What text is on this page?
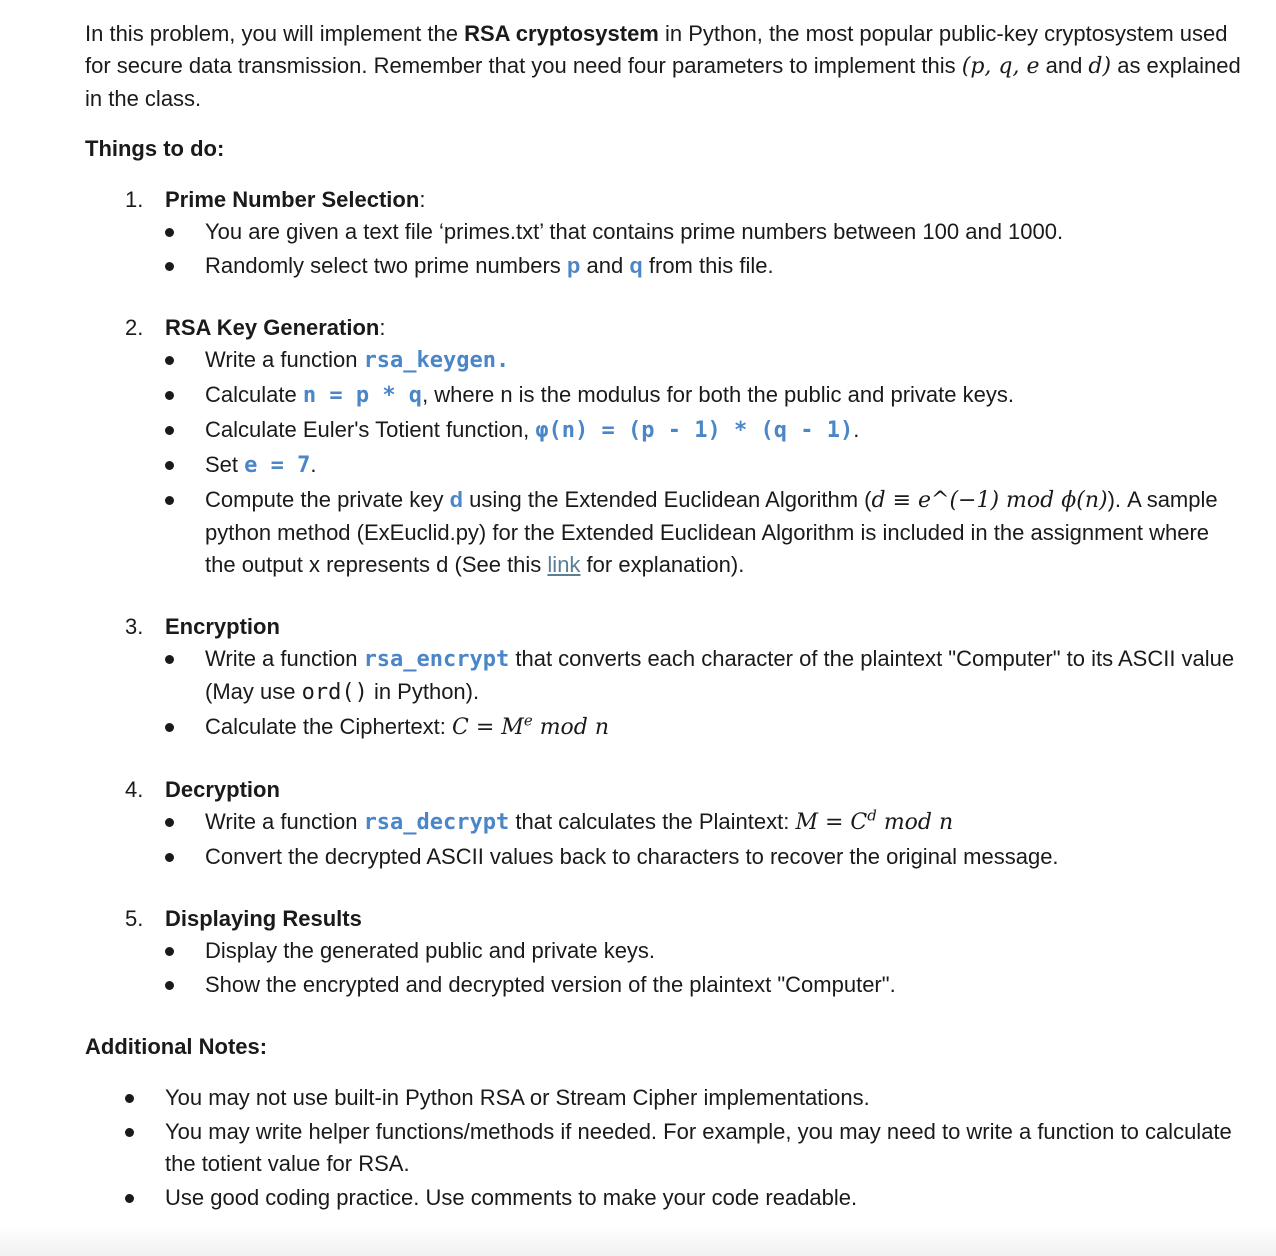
In this problem, you will implement the RSA cryptosystem in Python, the most popular public-key cryptosystem used for secure data transmission. Remember that you need four parameters to implement this (p, q, e and d) as explained in the class.

Things to do:

1. Prime Number Selection:
You are given a text file ‘primes.txt’ that contains prime numbers between 100 and 1000.
Randomly select two prime numbers p and q from this file.
2. RSA Key Generation:
Write a function rsa_keygen.
Calculate n = p * q, where n is the modulus for both the public and private keys.
Calculate Euler's Totient function, φ(n) = (p - 1) * (q - 1).
Set e = 7.
Compute the private key d using the Extended Euclidean Algorithm (d ≡ e^(−1) mod ϕ(n)). A sample python method (ExEuclid.py) for the Extended Euclidean Algorithm is included in the assignment where the output x represents d (See this link for explanation).
3. Encryption
Write a function rsa_encrypt that converts each character of the plaintext "Computer" to its ASCII value (May use ord() in Python).
Calculate the Ciphertext: $C = M^e$ mod n
4. Decryption
Write a function rsa_decrypt that calculates the Plaintext: $M = C^d$ mod n
Convert the decrypted ASCII values back to characters to recover the original message.
5. Displaying Results
Display the generated public and private keys.
Show the encrypted and decrypted version of the plaintext "Computer".

Additional Notes:

You may not use built-in Python RSA or Stream Cipher implementations.
You may write helper functions/methods if needed. For example, you may need to write a function to calculate the totient value for RSA.
Use good coding practice. Use comments to make your code readable.
